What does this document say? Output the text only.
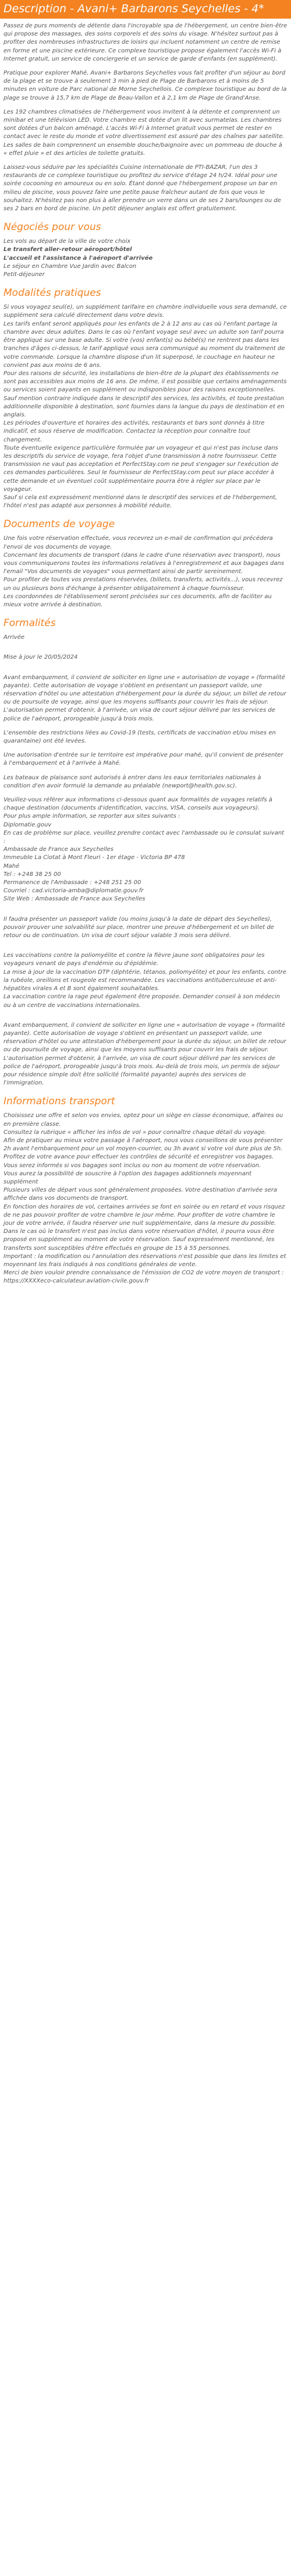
Description - Avani+ Barbarons Seychelles - 4*

Passez de purs moments de détente dans l'incroyable spa de l'hébergement, un centre bien-être qui propose des massages, des soins corporels et des soins du visage. N'hésitez surtout pas à profiter des nombreuses infrastructures de loisirs qui incluent notamment un centre de remise en forme et une piscine extérieure. Ce complexe touristique propose également l'accès Wi-Fi à Internet gratuit, un service de conciergerie et un service de garde d'enfants (en supplément).

Pratique pour explorer Mahé, Avani+ Barbarons Seychelles vous fait profiter d'un séjour au bord de la plage et se trouve à seulement 3 min à pied de Plage de Barbarons et à moins de 5 minutes en voiture de Parc national de Morne Seychellois. Ce complexe touristique au bord de la plage se trouve à 15,7 km de Plage de Beau-Vallon et à 2,1 km de Plage de Grand'Anse.

Les 192 chambres climatisées de l'hébergement vous invitent à la détente et comprennent un minibar et une télévision LED. Votre chambre est dotée d'un lit avec surmatelas. Les chambres sont dotées d'un balcon aménagé. L'accès Wi-Fi à Internet gratuit vous permet de rester en contact avec le reste du monde et votre divertissement est assuré par des chaînes par satellite. Les salles de bain comprennent un ensemble douche/baignoire avec un pommeau de douche à « effet pluie » et des articles de toilette gratuits.

Laissez-vous séduire par les spécialités Cuisine internationale de PTI-BAZAR, l'un des 3 restaurants de ce complexe touristique ou profitez du service d'étage 24 h/24. Idéal pour une soirée cocooning en amoureux ou en solo. Étant donné que l'hébergement propose un bar en milieu de piscine, vous pouvez faire une petite pause fraîcheur autant de fois que vous le souhaitez. N'hésitez pas non plus à aller prendre un verre dans un de ses 2 bars/lounges ou de ses 2 bars en bord de piscine. Un petit déjeuner anglais est offert gratuitement.

Négociés pour vous
Les vols au départ de la ville de votre choix
Le transfert aller-retour aéroport/hôtel
L'accueil et l'assistance à l'aéroport d'arrivée
Le séjour en Chambre Vue Jardin avec Balcon
Petit-déjeuner
Modalités pratiques

Si vous voyagez seul(e), un supplément tarifaire en chambre individuelle vous sera demandé, ce supplément sera calculé directement dans votre devis.
Les tarifs enfant seront appliqués pour les enfants de 2 à 12 ans au cas où l'enfant partage la chambre avec deux adultes. Dans le cas où l'enfant voyage seul avec un adulte son tarif pourra être appliqué sur une base adulte. Si votre (vos) enfant(s) ou bébé(s) ne rentrent pas dans les tranches d'âges ci-dessus, le tarif appliqué vous sera communiqué au moment du traitement de votre commande. Lorsque la chambre dispose d'un lit superposé, le couchage en hauteur ne convient pas aux moins de 6 ans.
Pour des raisons de sécurité, les installations de bien-être de la plupart des établissements ne sont pas accessibles aux moins de 16 ans. De même, il est possible que certains aménagements ou services soient payants en supplément ou indisponibles pour des raisons exceptionnelles.
Sauf mention contraire indiquée dans le descriptif des services, les activités, et toute prestation additionnelle disponible à destination, sont fournies dans la langue du pays de destination et en anglais.
Les périodes d'ouverture et horaires des activités, restaurants et bars sont donnés à titre indicatif, et sous réserve de modification. Contactez la réception pour connaître tout changement.
Toute éventuelle exigence particulière formulée par un voyageur et qui n'est pas incluse dans les descriptifs du service de voyage, fera l'objet d'une transmission à notre fournisseur. Cette transmission ne vaut pas acceptation et PerfectStay.com ne peut s'engager sur l'exécution de ces demandes particulières. Seul le fournisseur de PerfectStay.com peut sur place accéder à cette demande et un éventuel coût supplémentaire pourra être à régler sur place par le voyageur.
Sauf si cela est expressément mentionné dans le descriptif des services et de l'hébergement, l'hôtel n'est pas adapté aux personnes à mobilité réduite.

Documents de voyage

Une fois votre réservation effectuée, vous recevrez un e-mail de confirmation qui précédera l'envoi de vos documents de voyage.
Concernant les documents de transport (dans le cadre d'une réservation avec transport), nous vous communiquerons toutes les informations relatives à l'enregistrement et aux bagages dans l'email "Vos documents de voyages" vous permettant ainsi de partir sereinement.
Pour profiter de toutes vos prestations réservées, (billets, transferts, activités...), vous recevrez un ou plusieurs bons d'échange à présenter obligatoirement à chaque fournisseur.
Les coordonnées de l'établissement seront précisées sur ces documents, afin de faciliter au mieux votre arrivée à destination.

Formalités

Arrivée

Mise à jour le 20/05/2024

Avant embarquement, il convient de solliciter en ligne une « autorisation de voyage » (formalité payante). Cette autorisation de voyage s'obtient en présentant un passeport valide, une réservation d'hôtel ou une attestation d'hébergement pour la durée du séjour, un billet de retour ou de poursuite de voyage, ainsi que les moyens suffisants pour couvrir les frais de séjour. L'autorisation permet d'obtenir, à l'arrivée, un visa de court séjour délivré par les services de police de l'aéroport, prorogeable jusqu'à trois mois.

L'ensemble des restrictions liées au Covid-19 (tests, certificats de vaccination et/ou mises en quarantaine) ont été levées.

Une autorisation d'entrée sur le territoire est impérative pour mahé, qu'il convient de présenter à l'embarquement et à l'arrivée à Mahé.

Les bateaux de plaisance sont autorisés à entrer dans les eaux territoriales nationales à condition d'en avoir formulé la demande au préalable (newport@health.gov.sc).

Veuillez-vous référer aux informations ci-dessous quant aux formalités de voyages relatifs à chaque destination (documents d'identification, vaccins, VISA, conseils aux voyageurs).
Pour plus ample information, se reporter aux sites suivants :
Diplomatie.gouv
En cas de problème sur place, veuillez prendre contact avec l'ambassade ou le consulat suivant :
Ambassade de France aux Seychelles
Immeuble La Ciotat à Mont Fleuri - 1er étage - Victoria BP 478
Mahé
Tel : +248 38 25 00
Permanence de l'Ambassade : +248 251 25 00
Courriel : cad.victoria-amba@diplomatie.gouv.fr
Site Web : Ambassade de France aux Seychelles

Il faudra présenter un passeport valide (ou moins jusqu'à la date de départ des Seychelles), pouvoir prouver une solvabilité sur place, montrer une preuve d'hébergement et un billet de retour ou de continuation. Un visa de court séjour valable 3 mois sera délivré.

Les vaccinations contre la poliomyélite et contre la fièvre jaune sont obligatoires pour les voyageurs venant de pays d'endémie ou d'épidémie.
La mise à jour de la vaccination DTP (diphtérie, tétanos, poliomyélite) et pour les enfants, contre la rubéole, oreillons et rougeole est recommandée. Les vaccinations antituberculeuse et anti-hépatites virales A et B sont également souhaitables.
La vaccination contre la rage peut également être proposée. Demander conseil à son médecin ou à un centre de vaccinations internationales.

Avant embarquement, il convient de solliciter en ligne une « autorisation de voyage » (formalité payante). Cette autorisation de voyage s'obtient en présentant un passeport valide, une réservation d'hôtel ou une attestation d'hébergement pour la durée du séjour, un billet de retour ou de poursuite de voyage, ainsi que les moyens suffisants pour couvrir les frais de séjour. L'autorisation permet d'obtenir, à l'arrivée, un visa de court séjour délivré par les services de police de l'aéroport, prorogeable jusqu'à trois mois. Au-delà de trois mois, un permis de séjour pour résidence simple doit être sollicité (formalité payante) auprès des services de l'immigration.

Informations transport

Choisissez une offre et selon vos envies, optez pour un siège en classe économique, affaires ou en première classe.
Consultez la rubrique « afficher les infos de vol » pour connaître chaque détail du voyage.
Afin de pratiquer au mieux votre passage à l'aéroport, nous vous conseillons de vous présenter 2h avant l'embarquement pour un vol moyen-courrier, ou 3h avant si votre vol dure plus de 5h. Profitez de votre avance pour effectuer les contrôles de sécurité et enregistrer vos bagages.
Vous serez informés si vos bagages sont inclus ou non au moment de votre réservation.
Vous aurez la possibilité de souscrire à l'option des bagages additionnels moyennant supplément
Plusieurs villes de départ vous sont généralement proposées. Votre destination d'arrivée sera affichée dans vos documents de transport.
En fonction des horaires de vol, certaines arrivées se font en soirée ou en retard et vous risquez de ne pas pouvoir profiter de votre chambre le jour même. Pour profiter de votre chambre le jour de votre arrivée, il faudra réserver une nuit supplémentaire, dans la mesure du possible.
Dans le cas où le transfert n'est pas inclus dans votre réservation d'hôtel, il pourra vous être proposé en supplément au moment de votre réservation. Sauf expressément mentionné, les transferts sont susceptibles d'être effectués en groupe de 15 à 55 personnes.
Important : la modification ou l'annulation des réservations n'est possible que dans les limites et moyennant les frais indiqués à nos conditions générales de vente.
Merci de bien vouloir prendre connaissance de l'émission de CO2 de votre moyen de transport : https://XXXXeco-calculateur.aviation-civile.gouv.fr
